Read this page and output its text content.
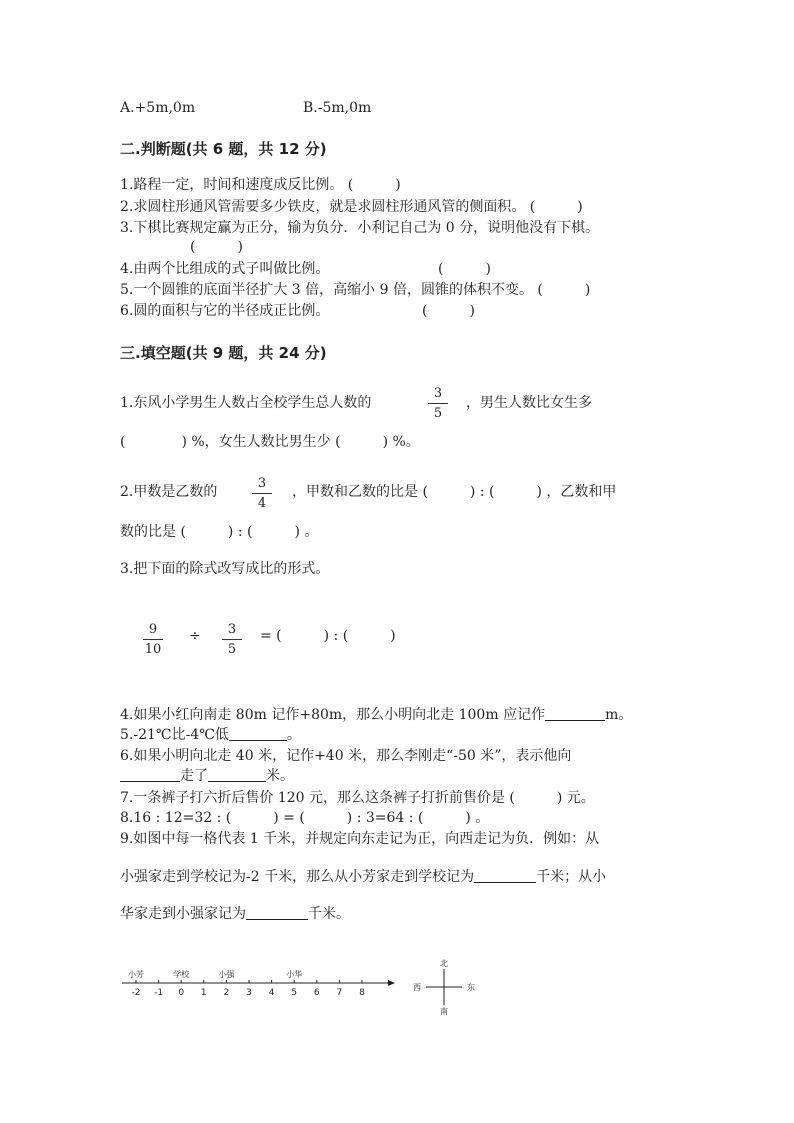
A.+5m,0m	B.-5m,0m
二.判断题(共 6 题，共 12 分)
1.路程一定，时间和速度成反比例。 (　　　)
2.求圆柱形通风管需要多少铁皮，就是求圆柱形通风管的侧面积。 (　　　)
3.下棋比赛规定赢为正分，输为负分．小利记自己为 0 分，说明他没有下棋。
(　　　)
4.由两个比组成的式子叫做比例。	(　　　)
5.一个圆锥的底面半径扩大 3 倍，高缩小 9 倍，圆锥的体积不变。 (　　　)
6.圆的面积与它的半径成正比例。	(　　　)
三.填空题(共 9 题，共 24 分)
1.东风小学男生人数占全校学生总人数的
3
5
，男生人数比女生多
(　　　　) %，女生人数比男生少 (　　　) %。
2.甲数是乙数的
3
4
，甲数和乙数的比是 (　　　) : (　　　) ，乙数和甲
数的比是 (　　　) : (　　　) 。
3.把下面的除式改写成比的形式。
9
10
÷	3
5
= (　　　) : (　　　)
4.如果小红向南走 80m 记作+80m，那么小明向北走 100m 应记作	m。
5.-21℃比-4℃低	。
6.如果小明向北走 40 米，记作+40 米，那么李刚走“-50 米”，表示他向
走了	米。
7.一条裤子打六折后售价 120 元，那么这条裤子打折前售价是 (　　　) 元。
8.16 : 12=32 : (　　　) = (　　　) : 3=64 : (　　　) 。
9.如图中每一格代表 1 千米，并规定向东走记为正，向西走记为负．例如：从
小强家走到学校记为-2 千米，那么从小芳家走到学校记为	千米；从小
华家走到小强家记为	千米。
-2 -1 0 1 2 3 4 5 6 7 8
小芳	学校	小强	小华
北
南
西	东
